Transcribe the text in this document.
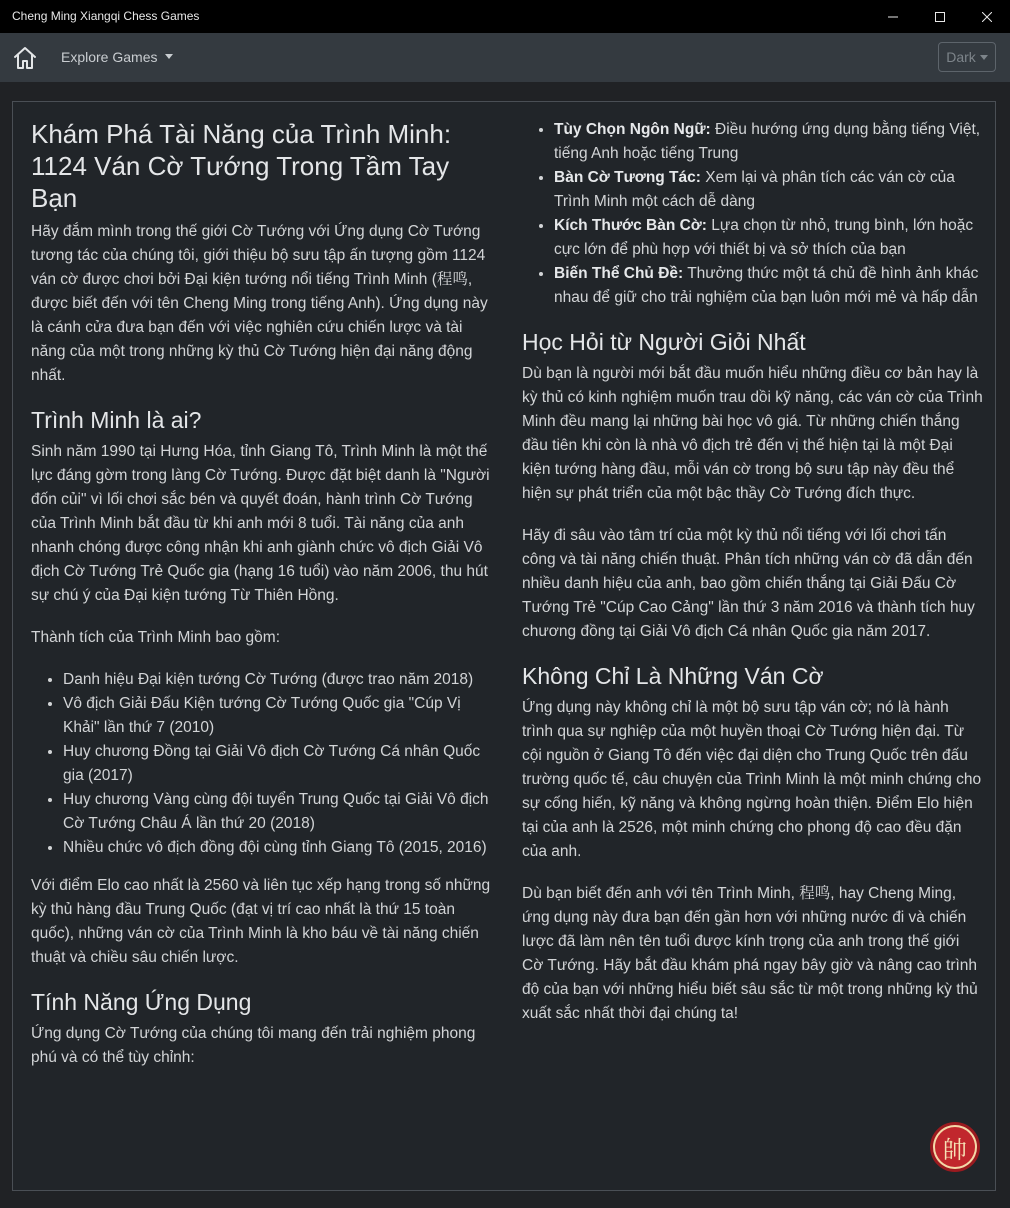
Cheng Ming Xiangqi Chess Games
Explore Games	Dark
Khám Phá Tài Năng của Trình Minh: 1124 Ván Cờ Tướng Trong Tầm Tay Bạn

Hãy đắm mình trong thế giới Cờ Tướng với Ứng dụng Cờ Tướng tương tác của chúng tôi, giới thiệu bộ sưu tập ấn tượng gồm 1124 ván cờ được chơi bởi Đại kiện tướng nổi tiếng Trình Minh (程鸣, được biết đến với tên Cheng Ming trong tiếng Anh). Ứng dụng này là cánh cửa đưa bạn đến với việc nghiên cứu chiến lược và tài năng của một trong những kỳ thủ Cờ Tướng hiện đại năng động nhất.

Trình Minh là ai?

Sinh năm 1990 tại Hưng Hóa, tỉnh Giang Tô, Trình Minh là một thế lực đáng gờm trong làng Cờ Tướng. Được đặt biệt danh là "Người đốn củi" vì lối chơi sắc bén và quyết đoán, hành trình Cờ Tướng của Trình Minh bắt đầu từ khi anh mới 8 tuổi. Tài năng của anh nhanh chóng được công nhận khi anh giành chức vô địch Giải Vô địch Cờ Tướng Trẻ Quốc gia (hạng 16 tuổi) vào năm 2006, thu hút sự chú ý của Đại kiện tướng Từ Thiên Hồng.

Thành tích của Trình Minh bao gồm:

• Danh hiệu Đại kiện tướng Cờ Tướng (được trao năm 2018)
• Vô địch Giải Đấu Kiện tướng Cờ Tướng Quốc gia "Cúp Vị Khải" lần thứ 7 (2010)
• Huy chương Đồng tại Giải Vô địch Cờ Tướng Cá nhân Quốc gia (2017)
• Huy chương Vàng cùng đội tuyển Trung Quốc tại Giải Vô địch Cờ Tướng Châu Á lần thứ 20 (2018)
• Nhiều chức vô địch đồng đội cùng tỉnh Giang Tô (2015, 2016)

Với điểm Elo cao nhất là 2560 và liên tục xếp hạng trong số những kỳ thủ hàng đầu Trung Quốc (đạt vị trí cao nhất là thứ 15 toàn quốc), những ván cờ của Trình Minh là kho báu về tài năng chiến thuật và chiều sâu chiến lược.

Tính Năng Ứng Dụng

Ứng dụng Cờ Tướng của chúng tôi mang đến trải nghiệm phong phú và có thể tùy chỉnh:

• Tùy Chọn Ngôn Ngữ: Điều hướng ứng dụng bằng tiếng Việt, tiếng Anh hoặc tiếng Trung
• Bàn Cờ Tương Tác: Xem lại và phân tích các ván cờ của Trình Minh một cách dễ dàng
• Kích Thước Bàn Cờ: Lựa chọn từ nhỏ, trung bình, lớn hoặc cực lớn để phù hợp với thiết bị và sở thích của bạn
• Biến Thể Chủ Đề: Thưởng thức một tá chủ đề hình ảnh khác nhau để giữ cho trải nghiệm của bạn luôn mới mẻ và hấp dẫn
Học Hỏi từ Người Giỏi Nhất

Dù bạn là người mới bắt đầu muốn hiểu những điều cơ bản hay là kỳ thủ có kinh nghiệm muốn trau dồi kỹ năng, các ván cờ của Trình Minh đều mang lại những bài học vô giá. Từ những chiến thắng đầu tiên khi còn là nhà vô địch trẻ đến vị thế hiện tại là một Đại kiện tướng hàng đầu, mỗi ván cờ trong bộ sưu tập này đều thể hiện sự phát triển của một bậc thầy Cờ Tướng đích thực.

Hãy đi sâu vào tâm trí của một kỳ thủ nổi tiếng với lối chơi tấn công và tài năng chiến thuật. Phân tích những ván cờ đã dẫn đến nhiều danh hiệu của anh, bao gồm chiến thắng tại Giải Đấu Cờ Tướng Trẻ "Cúp Cao Cảng" lần thứ 3 năm 2016 và thành tích huy chương đồng tại Giải Vô địch Cá nhân Quốc gia năm 2017.

Không Chỉ Là Những Ván Cờ

Ứng dụng này không chỉ là một bộ sưu tập ván cờ; nó là hành trình qua sự nghiệp của một huyền thoại Cờ Tướng hiện đại. Từ cội nguồn ở Giang Tô đến việc đại diện cho Trung Quốc trên đấu trường quốc tế, câu chuyện của Trình Minh là một minh chứng cho sự cống hiến, kỹ năng và không ngừng hoàn thiện. Điểm Elo hiện tại của anh là 2526, một minh chứng cho phong độ cao đều đặn của anh.

Dù bạn biết đến anh với tên Trình Minh, 程鸣, hay Cheng Ming, ứng dụng này đưa bạn đến gần hơn với những nước đi và chiến lược đã làm nên tên tuổi được kính trọng của anh trong thế giới Cờ Tướng. Hãy bắt đầu khám phá ngay bây giờ và nâng cao trình độ của bạn với những hiểu biết sâu sắc từ một trong những kỳ thủ xuất sắc nhất thời đại chúng ta!

帥
